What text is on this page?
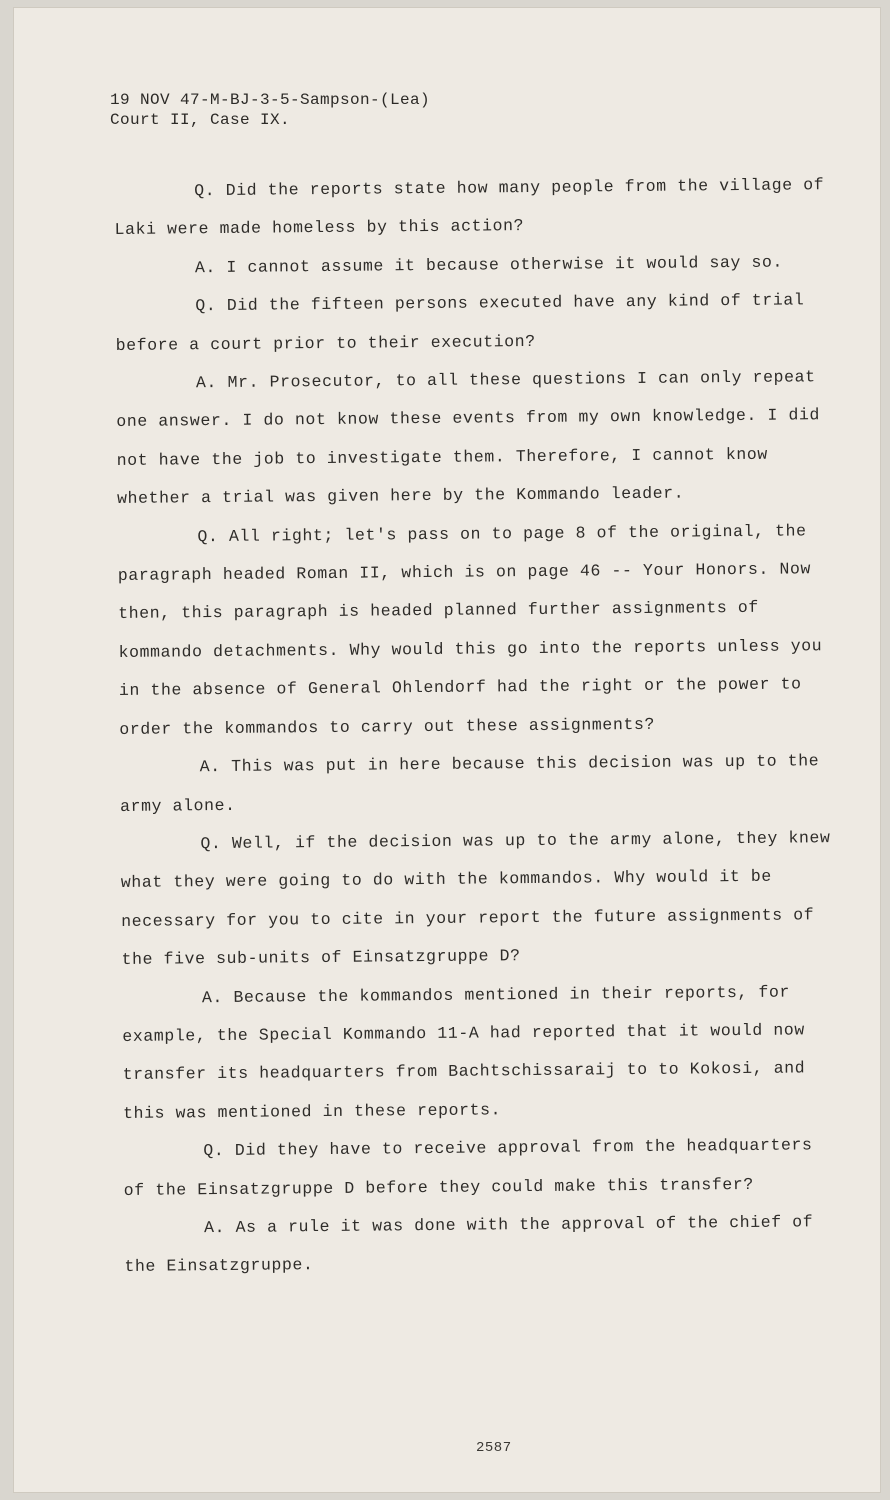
19 NOV 47-M-BJ-3-5-Sampson-(Lea)
Court II, Case IX.

Q. Did the reports state how many people from the village of Laki were made homeless by this action?

A. I cannot assume it because otherwise it would say so.

Q. Did the fifteen persons executed have any kind of trial before a court prior to their execution?

A. Mr. Prosecutor, to all these questions I can only repeat one answer. I do not know these events from my own knowledge. I did not have the job to investigate them. Therefore, I cannot know whether a trial was given here by the Kommando leader.

Q. All right; let's pass on to page 8 of the original, the paragraph headed Roman II, which is on page 46 -- Your Honors. Now then, this paragraph is headed planned further assignments of kommando detachments. Why would this go into the reports unless you in the absence of General Ohlendorf had the right or the power to order the kommandos to carry out these assignments?

A. This was put in here because this decision was up to the army alone.

Q. Well, if the decision was up to the army alone, they knew what they were going to do with the kommandos. Why would it be necessary for you to cite in your report the future assignments of the five sub-units of Einsatzgruppe D?

A. Because the kommandos mentioned in their reports, for example, the Special Kommando 11-A had reported that it would now transfer its headquarters from Bachtschissaraij to to Kokosi, and this was mentioned in these reports.

Q. Did they have to receive approval from the headquarters of the Einsatzgruppe D before they could make this transfer?

A. As a rule it was done with the approval of the chief of the Einsatzgruppe.

2587
